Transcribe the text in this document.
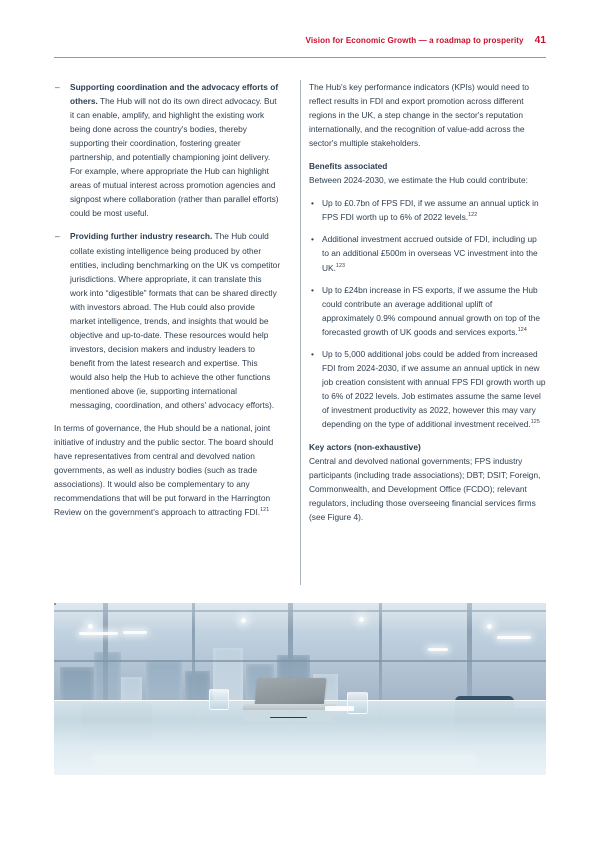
Vision for Economic Growth — a roadmap to prosperity 41
– Supporting coordination and the advocacy efforts of others. The Hub will not do its own direct advocacy. But it can enable, amplify, and highlight the existing work being done across the country's bodies, thereby supporting their coordination, fostering greater partnership, and potentially championing joint delivery. For example, where appropriate the Hub can highlight areas of mutual interest across promotion agencies and signpost where collaboration (rather than parallel efforts) could be most useful.
– Providing further industry research. The Hub could collate existing intelligence being produced by other entities, including benchmarking on the UK vs competitor jurisdictions. Where appropriate, it can translate this work into “digestible” formats that can be shared directly with investors abroad. The Hub could also provide market intelligence, trends, and insights that would be objective and up-to-date. These resources would help investors, decision makers and industry leaders to benefit from the latest research and expertise. This would also help the Hub to achieve the other functions mentioned above (ie, supporting international messaging, coordination, and others' advocacy efforts).

In terms of governance, the Hub should be a national, joint initiative of industry and the public sector. The board should have representatives from central and devolved nation governments, as well as industry bodies (such as trade associations). It would also be complementary to any recommendations that will be put forward in the Harrington Review on the government's approach to attracting FDI.$^{121}$

The Hub's key performance indicators (KPIs) would need to reflect results in FDI and export promotion across different regions in the UK, a step change in the sector's reputation internationally, and the recognition of value-add across the sector's multiple stakeholders.

Benefits associated

Between 2024-2030, we estimate the Hub could contribute:

• Up to £0.7bn of FPS FDI, if we assume an annual uptick in FPS FDI worth up to 6% of 2022 levels.$^{122}$
• Additional investment accrued outside of FDI, including up to an additional £500m in overseas VC investment into the UK.$^{123}$
• Up to £24bn increase in FS exports, if we assume the Hub could contribute an average additional uplift of approximately 0.9% compound annual growth on top of the forecasted growth of UK goods and services exports.$^{124}$
• Up to 5,000 additional jobs could be added from increased FDI from 2024-2030, if we assume an annual uptick in new job creation consistent with annual FPS FDI growth worth up to 6% of 2022 levels. Job estimates assume the same level of investment productivity as 2022, however this may vary depending on the type of additional investment received.$^{125}$

Key actors (non-exhaustive)

Central and devolved national governments; FPS industry participants (including trade associations); DBT; DSIT; Foreign, Commonwealth, and Development Office (FCDO); relevant regulators, including those overseeing financial services firms (see Figure 4).
